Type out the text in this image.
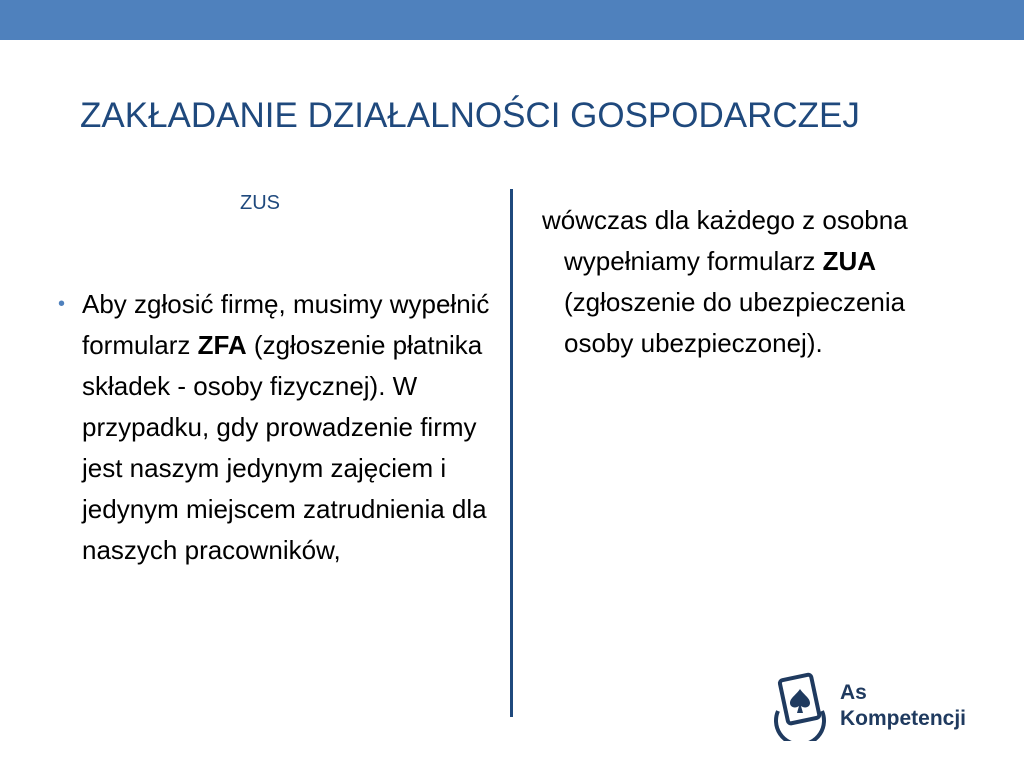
ZAKŁADANIE DZIAŁALNOŚCI GOSPODARCZEJ
ZUS
• Aby zgłosić firmę, musimy wypełnić formularz ZFA (zgłoszenie płatnika składek - osoby fizycznej). W przypadku, gdy prowadzenie firmy jest naszym jedynym zajęciem i jedynym miejscem zatrudnienia dla naszych pracowników,

wówczas dla każdego z osobna wypełniamy formularz ZUA (zgłoszenie do ubezpieczenia osoby ubezpieczonej).

As
Kompetencji
